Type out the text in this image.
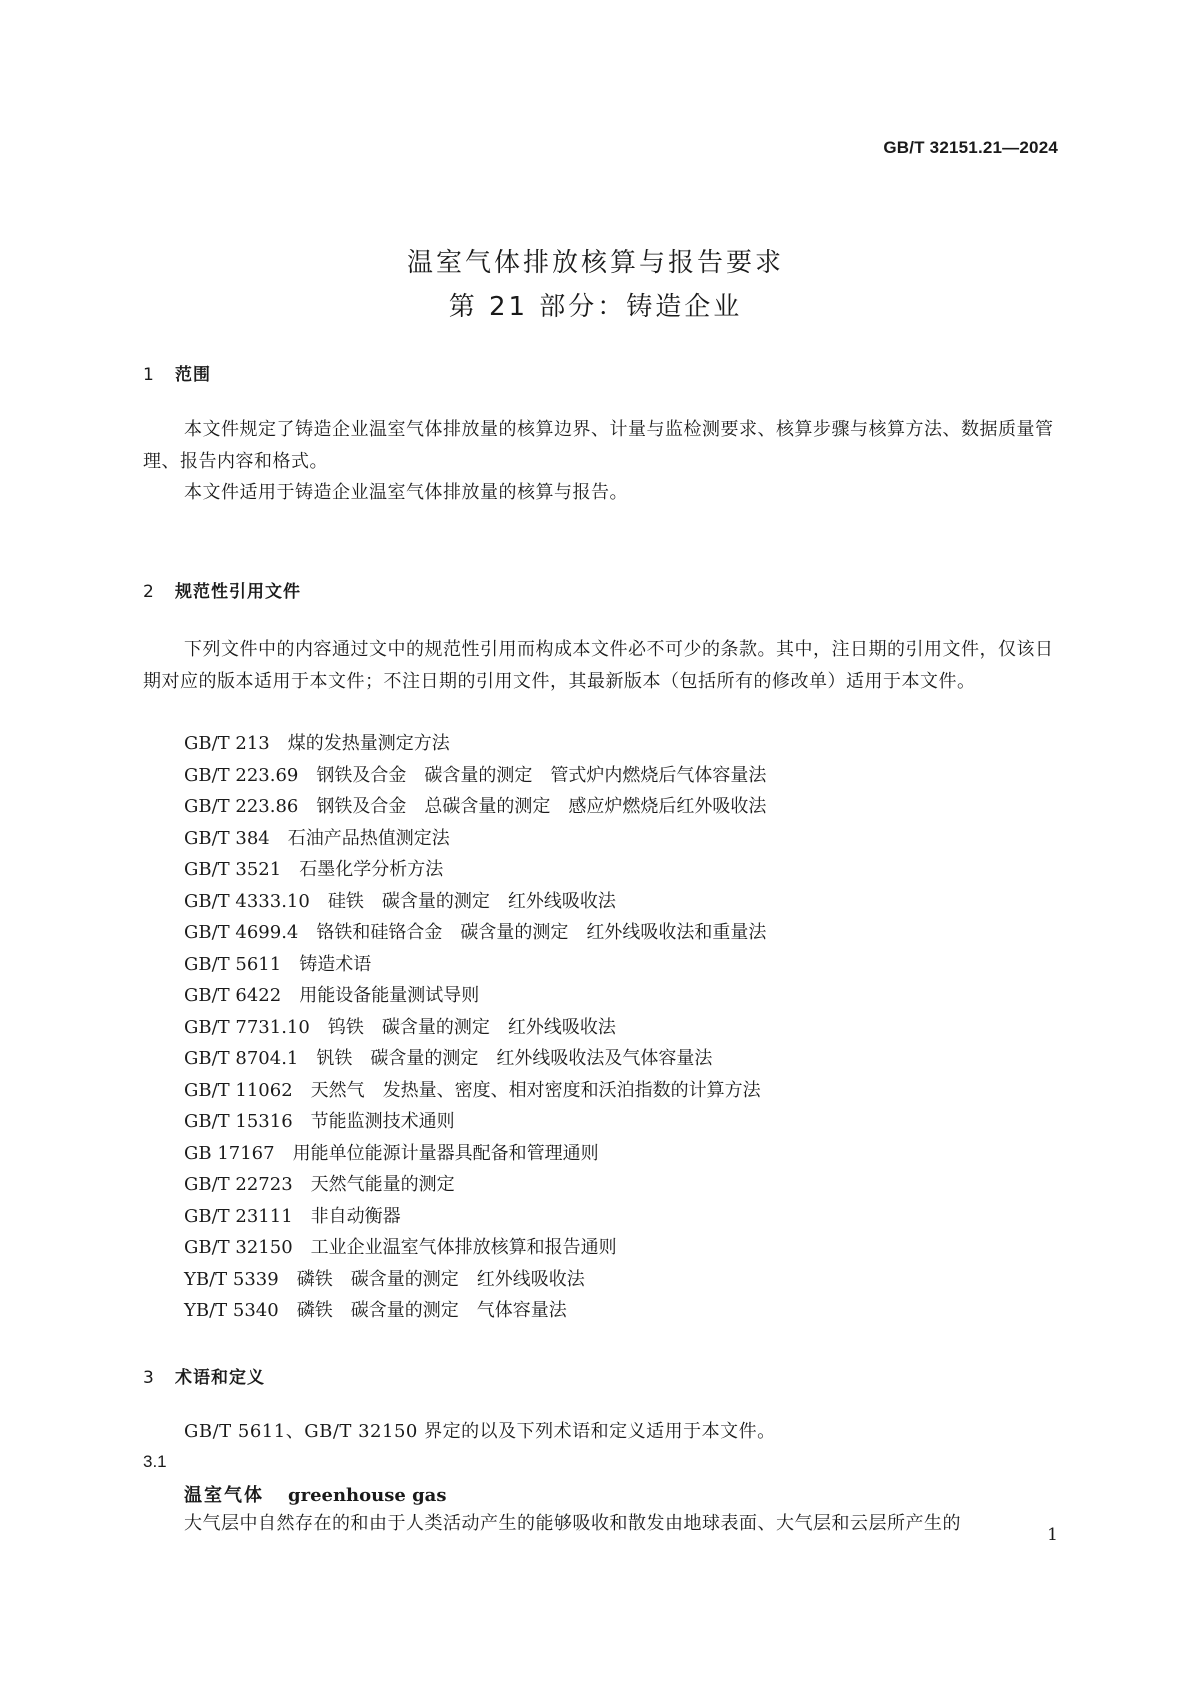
GB/T 32151.21—2024
温室气体排放核算与报告要求
第 21 部分：铸造企业
1 范围
本文件规定了铸造企业温室气体排放量的核算边界、计量与监检测要求、核算步骤与核算方法、数据质量管理、报告内容和格式。
本文件适用于铸造企业温室气体排放量的核算与报告。
2 规范性引用文件
下列文件中的内容通过文中的规范性引用而构成本文件必不可少的条款。其中，注日期的引用文件，仅该日期对应的版本适用于本文件；不注日期的引用文件，其最新版本（包括所有的修改单）适用于本文件。
GB/T 213 煤的发热量测定方法
GB/T 223.69 钢铁及合金 碳含量的测定 管式炉内燃烧后气体容量法
GB/T 223.86 钢铁及合金 总碳含量的测定 感应炉燃烧后红外吸收法
GB/T 384 石油产品热值测定法
GB/T 3521 石墨化学分析方法
GB/T 4333.10 硅铁 碳含量的测定 红外线吸收法
GB/T 4699.4 铬铁和硅铬合金 碳含量的测定 红外线吸收法和重量法
GB/T 5611 铸造术语
GB/T 6422 用能设备能量测试导则
GB/T 7731.10 钨铁 碳含量的测定 红外线吸收法
GB/T 8704.1 钒铁 碳含量的测定 红外线吸收法及气体容量法
GB/T 11062 天然气 发热量、密度、相对密度和沃泊指数的计算方法
GB/T 15316 节能监测技术通则
GB 17167 用能单位能源计量器具配备和管理通则
GB/T 22723 天然气能量的测定
GB/T 23111 非自动衡器
GB/T 32150 工业企业温室气体排放核算和报告通则
YB/T 5339 磷铁 碳含量的测定 红外线吸收法
YB/T 5340 磷铁 碳含量的测定 气体容量法
3 术语和定义
GB/T 5611、GB/T 32150 界定的以及下列术语和定义适用于本文件。
3.1
温室气体 greenhouse gas
大气层中自然存在的和由于人类活动产生的能够吸收和散发由地球表面、大气层和云层所产生的
1
